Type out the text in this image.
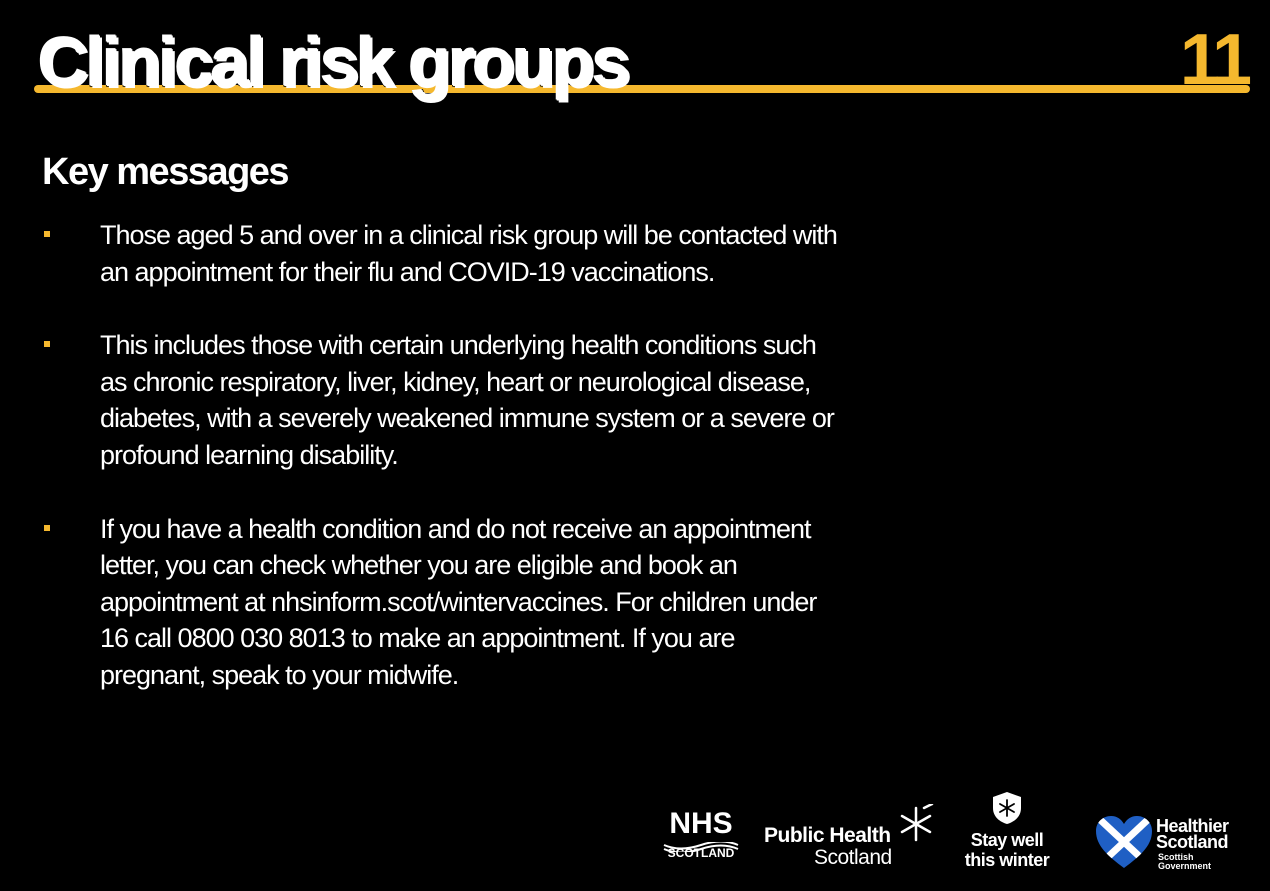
Clinical risk groups	11
Key messages
Those aged 5 and over in a clinical risk group will be contacted with an appointment for their flu and COVID-19 vaccinations.
This includes those with certain underlying health conditions such as chronic respiratory, liver, kidney, heart or neurological disease, diabetes, with a severely weakened immune system or a severe or profound learning disability.
If you have a health condition and do not receive an appointment letter, you can check whether you are eligible and book an appointment at nhsinform.scot/wintervaccines. For children under 16 call 0800 030 8013 to make an appointment. If you are pregnant, speak to your midwife.
NHS
SCOTLAND
Public Health
Scotland
Stay well
this winter
Healthier
Scotland
Scottish
Government
